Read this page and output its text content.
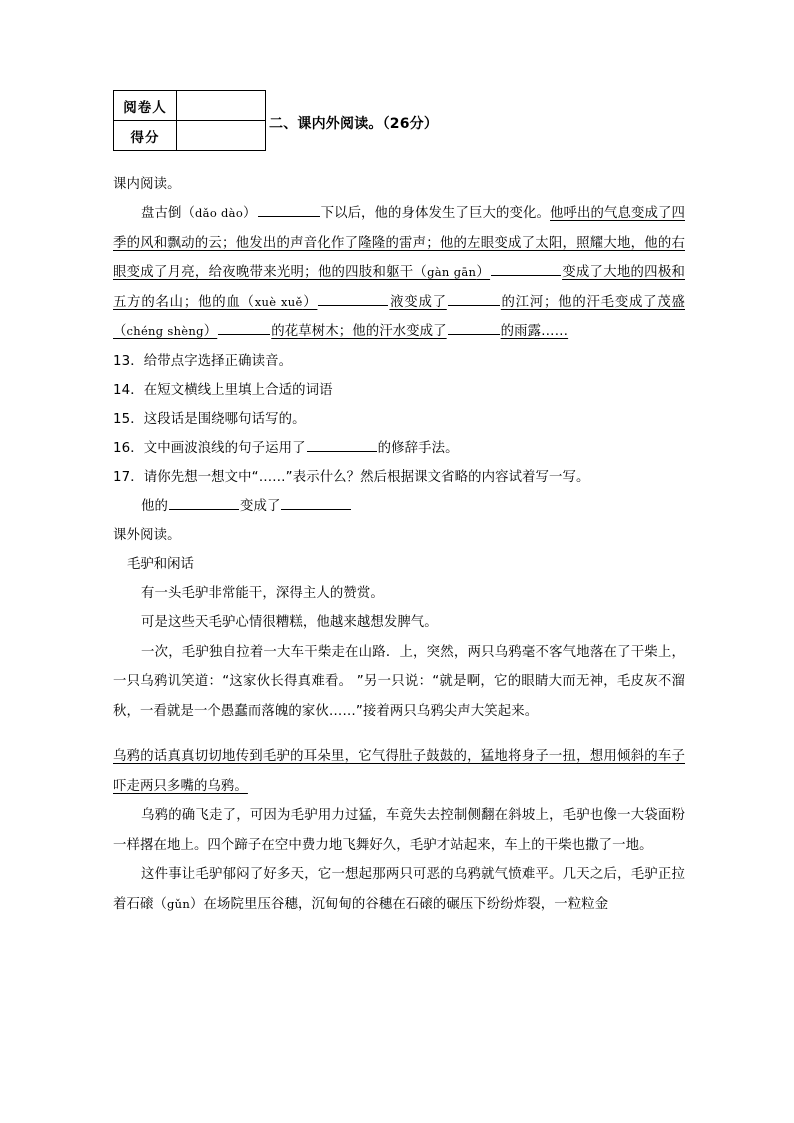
阅卷人	
得分	
二、课内外阅读。（26分）
课内阅读。

盘古倒（dǎo dào）	下以后，他的身体发生了巨大的变化。他呼出的气息变成了四季的风和飘动的云；他发出的声音化作了隆隆的雷声；他的左眼变成了太阳，照耀大地，他的右眼变成了月亮，给夜晚带来光明；他的四肢和躯干（gàn gān）	变成了大地的四极和五方的名山；他的血（xuè xuě）	液变成了	的江河；他的汗毛变成了茂盛（chéng shèng）	的花草树木；他的汗水变成了	的雨露……

13．给带点字选择正确读音。

14．在短文横线上里填上合适的词语

15．这段话是围绕哪句话写的。

16．文中画波浪线的句子运用了	的修辞手法。

17．请你先想一想文中“……”表示什么？然后根据课文省略的内容试着写一写。

他的	变成了

课外阅读。

毛驴和闲话

有一头毛驴非常能干，深得主人的赞赏。

可是这些天毛驴心情很糟糕，他越来越想发脾气。

一次，毛驴独自拉着一大车干柴走在山路．上，突然，两只乌鸦毫不客气地落在了干柴上，一只乌鸦讥笑道：“这家伙长得真难看。 ”另一只说：“就是啊，它的眼睛大而无神，毛皮灰不溜秋，一看就是一个愚蠢而落魄的家伙……”接着两只乌鸦尖声大笑起来。

乌鸦的话真真切切地传到毛驴的耳朵里，它气得肚子鼓鼓的，猛地将身子一扭，想用倾斜的车子吓走两只多嘴的乌鸦。

乌鸦的确飞走了，可因为毛驴用力过猛，车竟失去控制侧翻在斜坡上，毛驴也像一大袋面粉一样撂在地上。四个蹄子在空中费力地飞舞好久，毛驴才站起来，车上的干柴也撒了一地。

这件事让毛驴郁闷了好多天，它一想起那两只可恶的乌鸦就气愤难平。几天之后，毛驴正拉着石磙（gǔn）在场院里压谷穗，沉甸甸的谷穗在石磙的碾压下纷纷炸裂，一粒粒金
